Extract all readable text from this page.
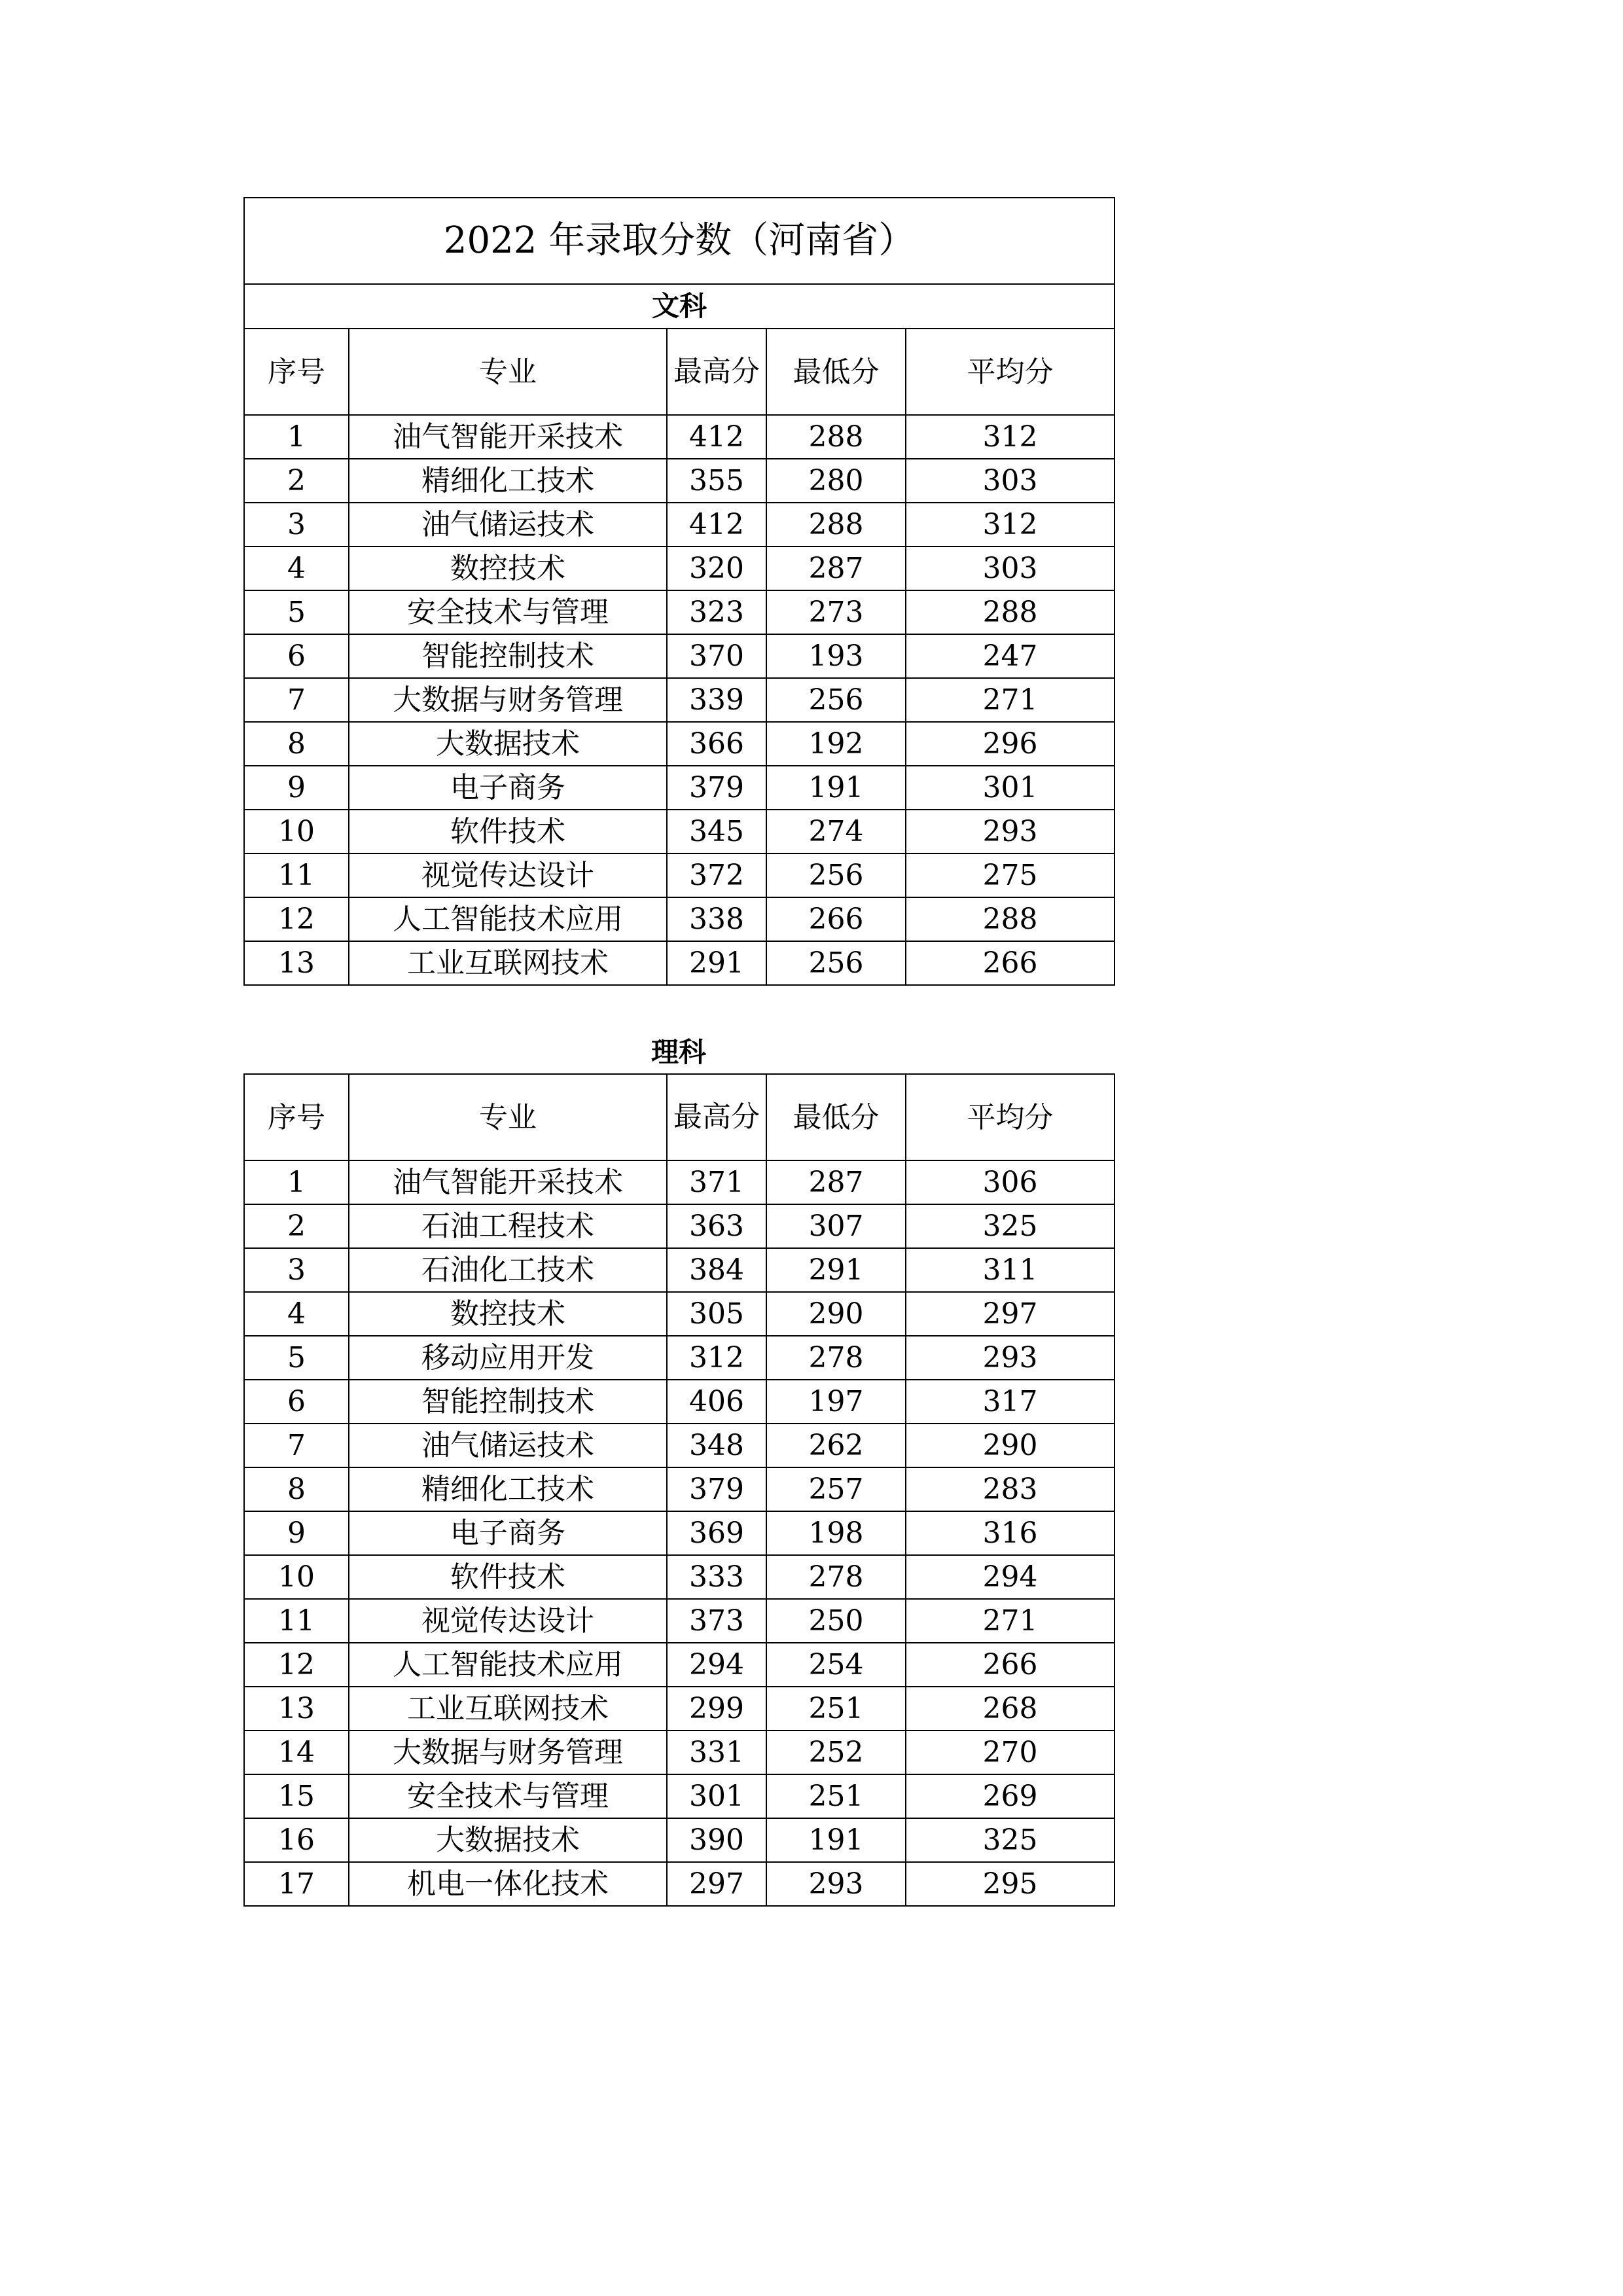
2022 年录取分数（河南省）				
文科				
序号	专业	最高分	最低分	平均分
1	油气智能开采技术	412	288	312
2	精细化工技术	355	280	303
3	油气储运技术	412	288	312
4	数控技术	320	287	303
5	安全技术与管理	323	273	288
6	智能控制技术	370	193	247
7	大数据与财务管理	339	256	271
8	大数据技术	366	192	296
9	电子商务	379	191	301
10	软件技术	345	274	293
11	视觉传达设计	372	256	275
12	人工智能技术应用	338	266	288
13	工业互联网技术	291	256	266
理科
序号	专业	最高分	最低分	平均分
1	油气智能开采技术	371	287	306
2	石油工程技术	363	307	325
3	石油化工技术	384	291	311
4	数控技术	305	290	297
5	移动应用开发	312	278	293
6	智能控制技术	406	197	317
7	油气储运技术	348	262	290
8	精细化工技术	379	257	283
9	电子商务	369	198	316
10	软件技术	333	278	294
11	视觉传达设计	373	250	271
12	人工智能技术应用	294	254	266
13	工业互联网技术	299	251	268
14	大数据与财务管理	331	252	270
15	安全技术与管理	301	251	269
16	大数据技术	390	191	325
17	机电一体化技术	297	293	295
